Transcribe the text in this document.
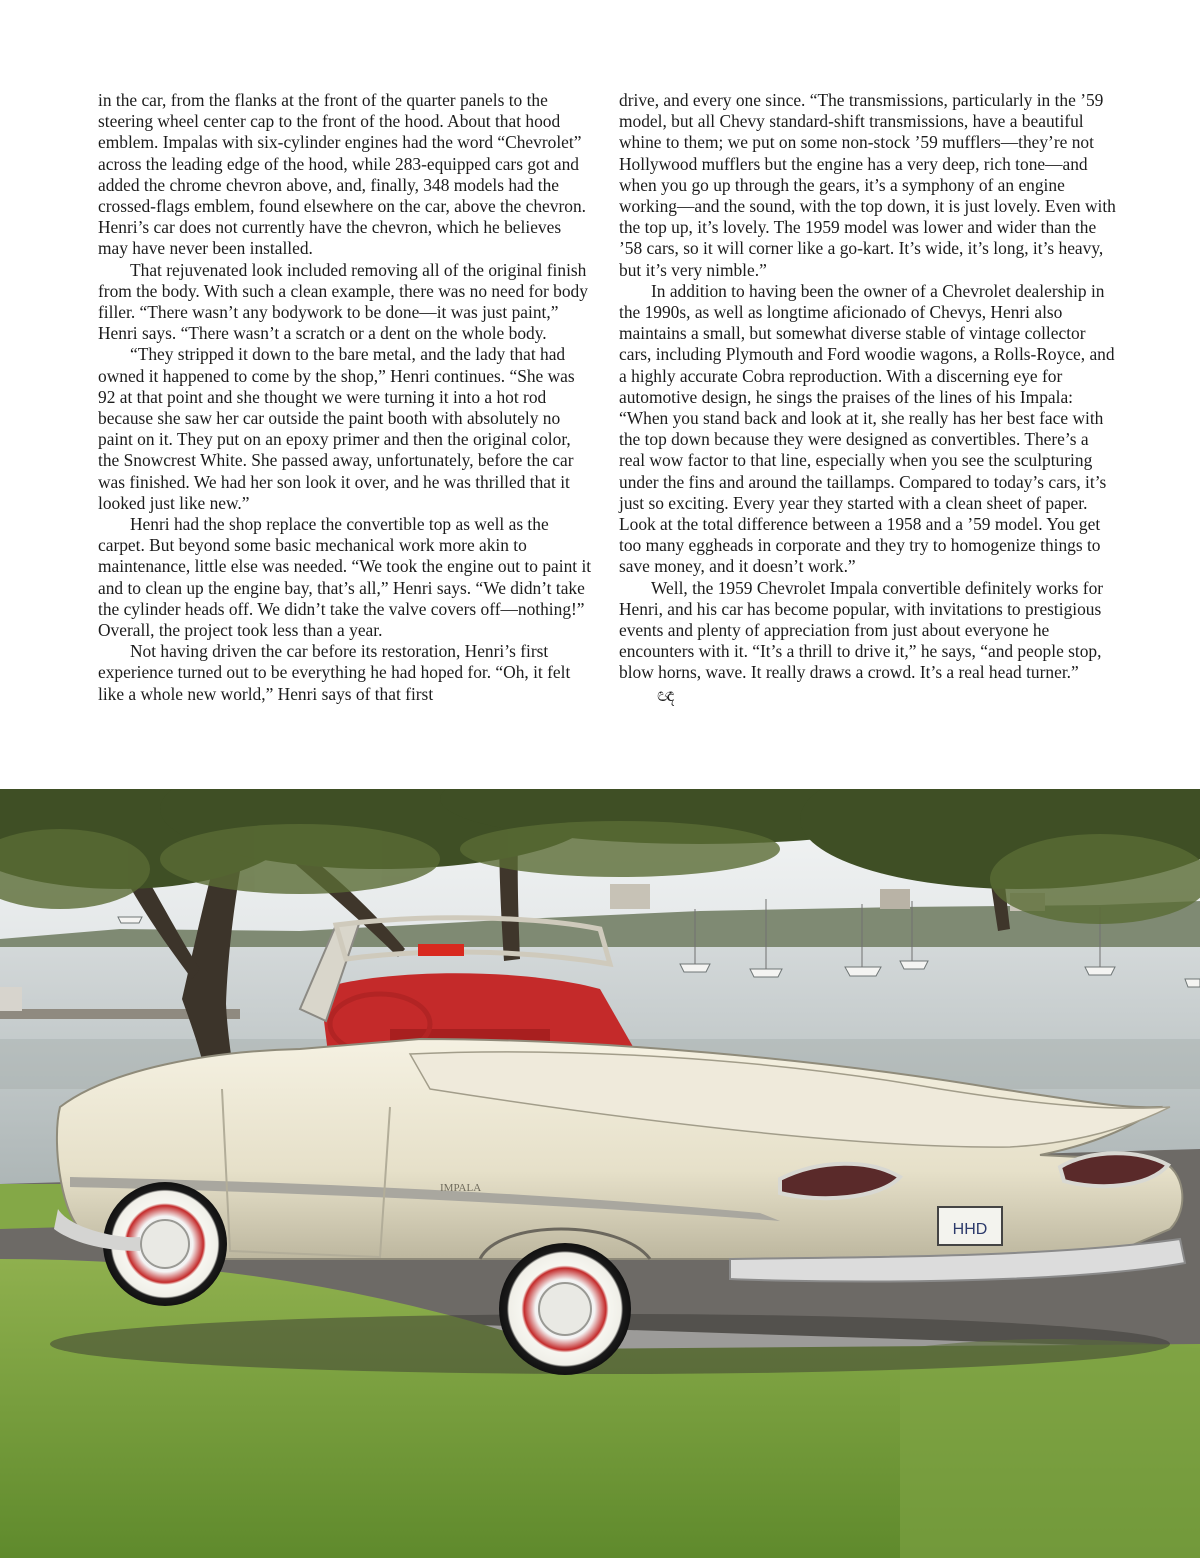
in the car, from the flanks at the front of the quarter panels to the steering wheel center cap to the front of the hood. About that hood emblem. Impalas with six-cylinder engines had the word “Chevrolet” across the leading edge of the hood, while 283-equipped cars got and added the chrome chevron above, and, finally, 348 models had the crossed-flags emblem, found elsewhere on the car, above the chevron. Henri’s car does not currently have the chevron, which he believes may have never been installed.

That rejuvenated look included removing all of the original finish from the body. With such a clean example, there was no need for body filler. “There wasn’t any bodywork to be done—it was just paint,” Henri says. “There wasn’t a scratch or a dent on the whole body.

“They stripped it down to the bare metal, and the lady that had owned it happened to come by the shop,” Henri continues. “She was 92 at that point and she thought we were turning it into a hot rod because she saw her car outside the paint booth with absolutely no paint on it. They put on an epoxy primer and then the original color, the Snowcrest White. She passed away, unfortunately, before the car was finished. We had her son look it over, and he was thrilled that it looked just like new.”

Henri had the shop replace the convertible top as well as the carpet. But beyond some basic mechanical work more akin to maintenance, little else was needed. “We took the engine out to paint it and to clean up the engine bay, that’s all,” Henri says. “We didn’t take the cylinder heads off. We didn’t take the valve covers off—nothing!” Overall, the project took less than a year.

Not having driven the car before its restoration, Henri’s first experience turned out to be everything he had hoped for. “Oh, it felt like a whole new world,” Henri says of that first

drive, and every one since. “The transmissions, particularly in the ’59 model, but all Chevy standard-shift transmissions, have a beautiful whine to them; we put on some non-stock ’59 mufflers—they’re not Hollywood mufflers but the engine has a very deep, rich tone—and when you go up through the gears, it’s a symphony of an engine working—and the sound, with the top down, it is just lovely. Even with the top up, it’s lovely. The 1959 model was lower and wider than the ’58 cars, so it will corner like a go-kart. It’s wide, it’s long, it’s heavy, but it’s very nimble.”

In addition to having been the owner of a Chevrolet dealership in the 1990s, as well as longtime aficionado of Chevys, Henri also maintains a small, but somewhat diverse stable of vintage collector cars, including Plymouth and Ford woodie wagons, a Rolls-Royce, and a highly accurate Cobra reproduction. With a discerning eye for automotive design, he sings the praises of the lines of his Impala: “When you stand back and look at it, she really has her best face with the top down because they were designed as convertibles. There’s a real wow factor to that line, especially when you see the sculpturing under the fins and around the taillamps. Compared to today’s cars, it’s just so exciting. Every year they started with a clean sheet of paper. Look at the total difference between a 1958 and a ’59 model. You get too many eggheads in corporate and they try to homogenize things to save money, and it doesn’t work.”

Well, the 1959 Chevrolet Impala convertible definitely works for Henri, and his car has become popular, with invitations to prestigious events and plenty of appreciation from just about everyone he encounters with it. “It’s a thrill to drive it,” he says, “and people stop, blow horns, wave. It really draws a crowd. It’s a real head turner.”ඥ

HHD
IMPALA
